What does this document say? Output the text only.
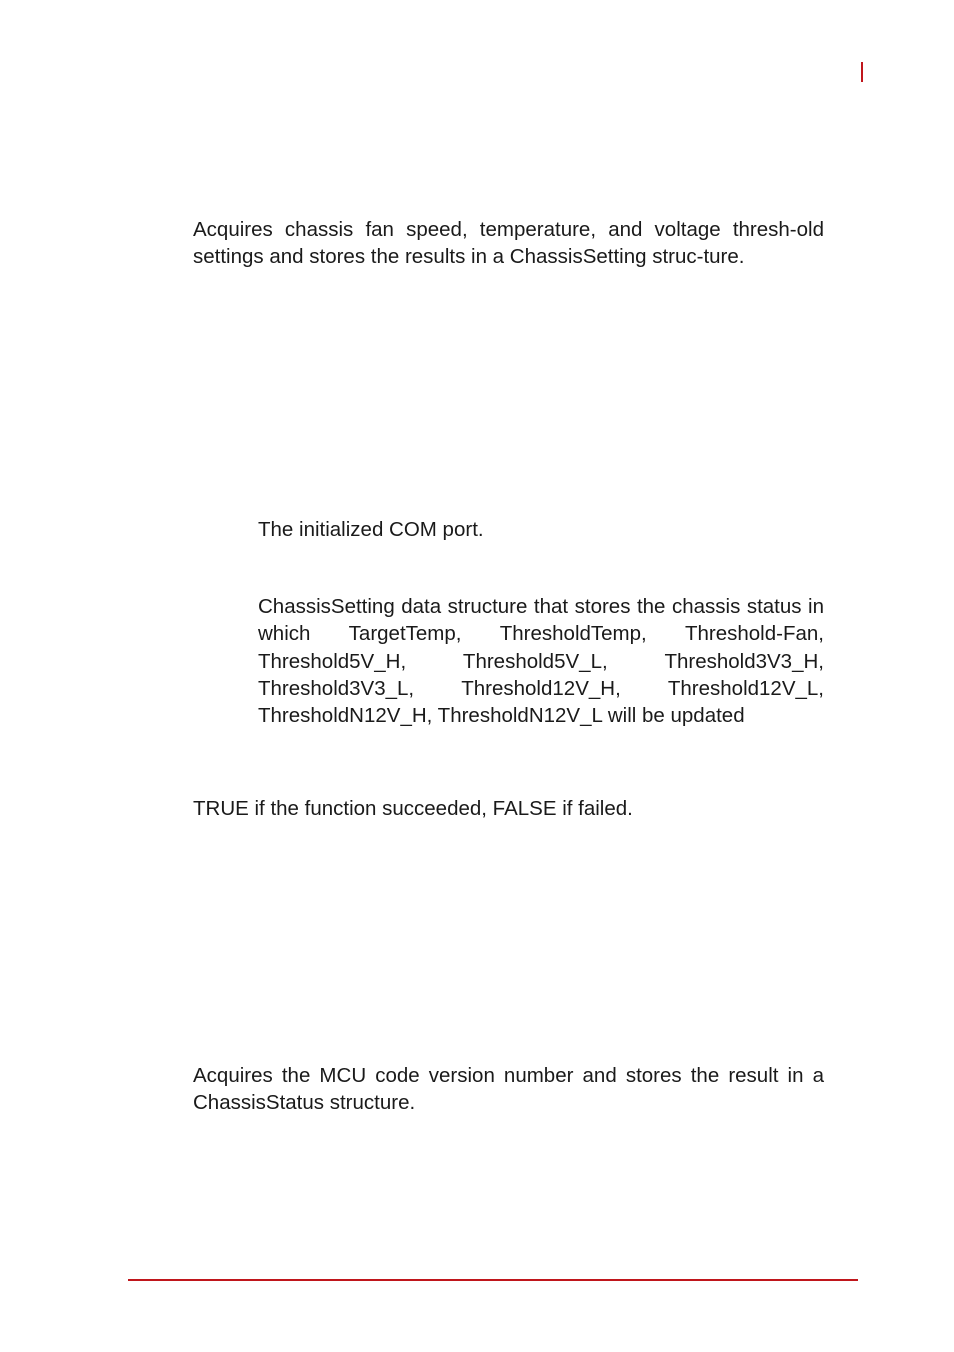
Acquires chassis fan speed, temperature, and voltage thresh-old settings and stores the results in a ChassisSetting struc-ture.

The initialized COM port.

ChassisSetting data structure that stores the chassis status in which TargetTemp, ThresholdTemp, Threshold-Fan, Threshold5V_H, Threshold5V_L, Threshold3V3_H, Threshold3V3_L, Threshold12V_H, Threshold12V_L, ThresholdN12V_H, ThresholdN12V_L will be updated

TRUE if the function succeeded, FALSE if failed.

Acquires the MCU code version number and stores the result in a ChassisStatus structure.
